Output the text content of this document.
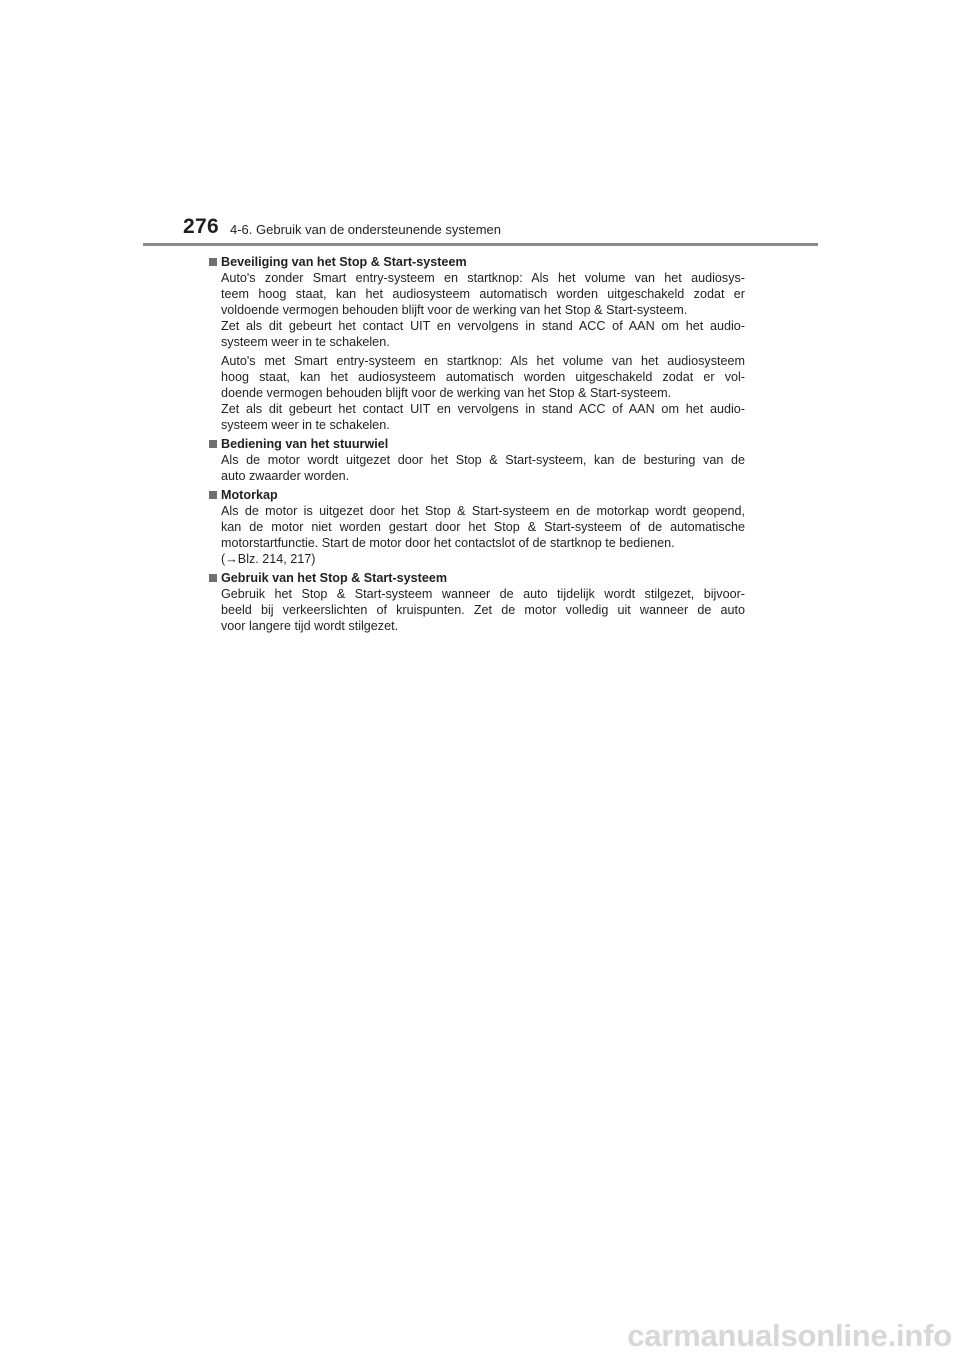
276 4-6. Gebruik van de ondersteunende systemen
Beveiliging van het Stop & Start-systeem
Auto's zonder Smart entry-systeem en startknop: Als het volume van het audiosys-
teem hoog staat, kan het audiosysteem automatisch worden uitgeschakeld zodat er
voldoende vermogen behouden blijft voor de werking van het Stop & Start-systeem.
Zet als dit gebeurt het contact UIT en vervolgens in stand ACC of AAN om het audio-
systeem weer in te schakelen.
Auto's met Smart entry-systeem en startknop: Als het volume van het audiosysteem
hoog staat, kan het audiosysteem automatisch worden uitgeschakeld zodat er vol-
doende vermogen behouden blijft voor de werking van het Stop & Start-systeem.
Zet als dit gebeurt het contact UIT en vervolgens in stand ACC of AAN om het audio-
systeem weer in te schakelen.
Bediening van het stuurwiel
Als de motor wordt uitgezet door het Stop & Start-systeem, kan de besturing van de
auto zwaarder worden.
Motorkap
Als de motor is uitgezet door het Stop & Start-systeem en de motorkap wordt geopend,
kan de motor niet worden gestart door het Stop & Start-systeem of de automatische
motorstartfunctie. Start de motor door het contactslot of de startknop te bedienen.
(→Blz. 214, 217)
Gebruik van het Stop & Start-systeem
Gebruik het Stop & Start-systeem wanneer de auto tijdelijk wordt stilgezet, bijvoor-
beeld bij verkeerslichten of kruispunten. Zet de motor volledig uit wanneer de auto
voor langere tijd wordt stilgezet.
carmanualsonline.info
